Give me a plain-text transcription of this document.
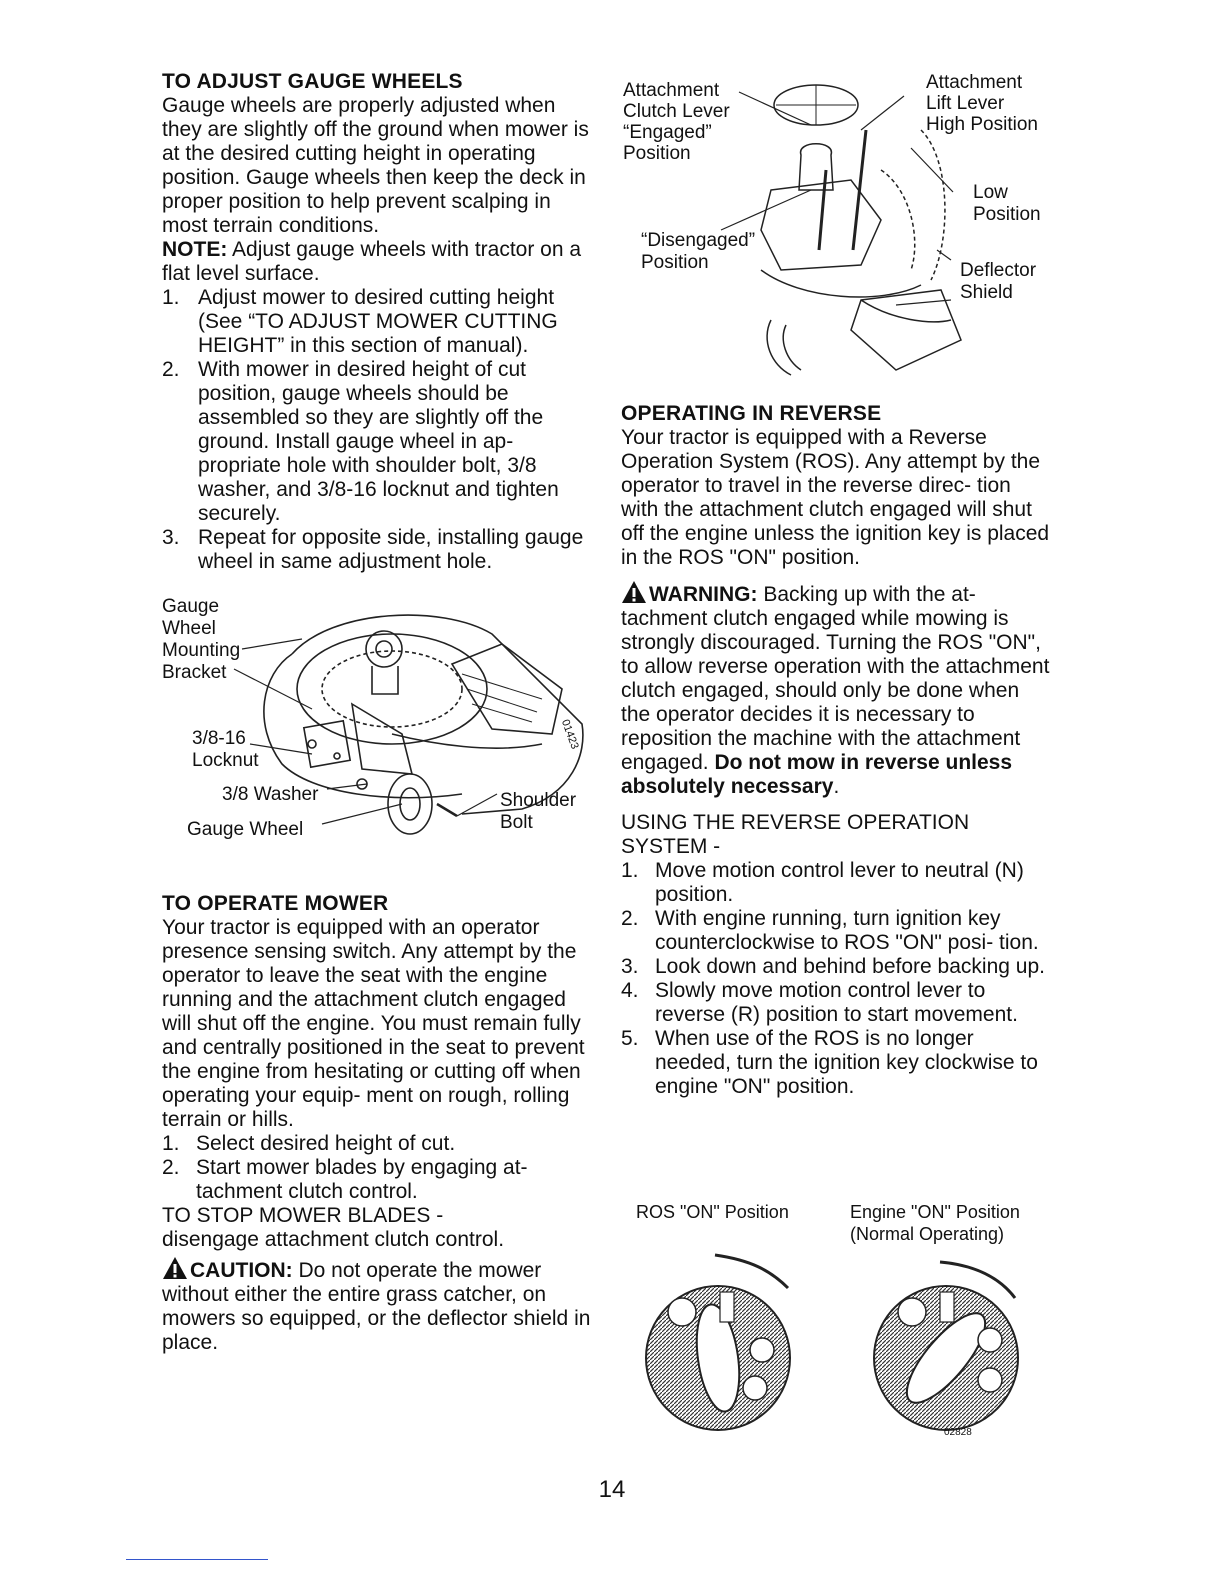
TO ADJUST GAUGE WHEELS

Gauge wheels are properly adjusted when they are slightly off the ground when mower is at the desired cutting height in operating position. Gauge wheels then keep the deck in proper position to help prevent scalping in most terrain conditions.

NOTE: Adjust gauge wheels with tractor on a flat level surface.

1. Adjust mower to desired cutting height (See “TO ADJUST MOWER CUTTING HEIGHT” in this section of manual).
2. With mower in desired height of cut position, gauge wheels should be assembled so they are slightly off the ground. Install gauge wheel in ap- propriate hole with shoulder bolt, 3/8 washer, and 3/8-16 locknut and tighten securely.
3. Repeat for opposite side, installing gauge wheel in same adjustment hole.
Gauge
Wheel
Mounting
Bracket
3/8-16
Locknut
3/8 Washer
Gauge Wheel
Shoulder
Bolt
01423
TO OPERATE MOWER

Your tractor is equipped with an operator presence sensing switch. Any attempt by the operator to leave the seat with the engine running and the attachment clutch engaged will shut off the engine. You must remain fully and centrally positioned in the seat to prevent the engine from hesitating or cutting off when operating your equip- ment on rough, rolling terrain or hills.

1. Select desired height of cut.
2. Start mower blades by engaging at- tachment clutch control.

TO STOP MOWER BLADES -

disengage attachment clutch control.

CAUTION: Do not operate the mower without either the entire grass catcher, on mowers so equipped, or the deflector shield in place.

Attachment
Clutch Lever
“Engaged”
Position
Attachment
Lift Lever
High Position
Low
Position
“Disengaged”
Position	Deflector
Shield
OPERATING IN REVERSE

Your tractor is equipped with a Reverse Operation System (ROS). Any attempt by the operator to travel in the reverse direc- tion with the attachment clutch engaged will shut off the engine unless the ignition key is placed in the ROS "ON" position.

WARNING: Backing up with the at- tachment clutch engaged while mowing is strongly discouraged. Turning the ROS "ON", to allow reverse operation with the attachment clutch engaged, should only be done when the operator decides it is necessary to reposition the machine with the attachment engaged. Do not mow in reverse unless absolutely necessary.

USING THE REVERSE OPERATION

SYSTEM -

1. Move motion control lever to neutral (N) position.
2. With engine running, turn ignition key counterclockwise to ROS "ON" posi- tion.
3. Look down and behind before backing up.
4. Slowly move motion control lever to reverse (R) position to start movement.
5. When use of the ROS is no longer needed, turn the ignition key clockwise to engine "ON" position.
ROS "ON" Position	Engine "ON" Position
(Normal Operating)
02828
14
